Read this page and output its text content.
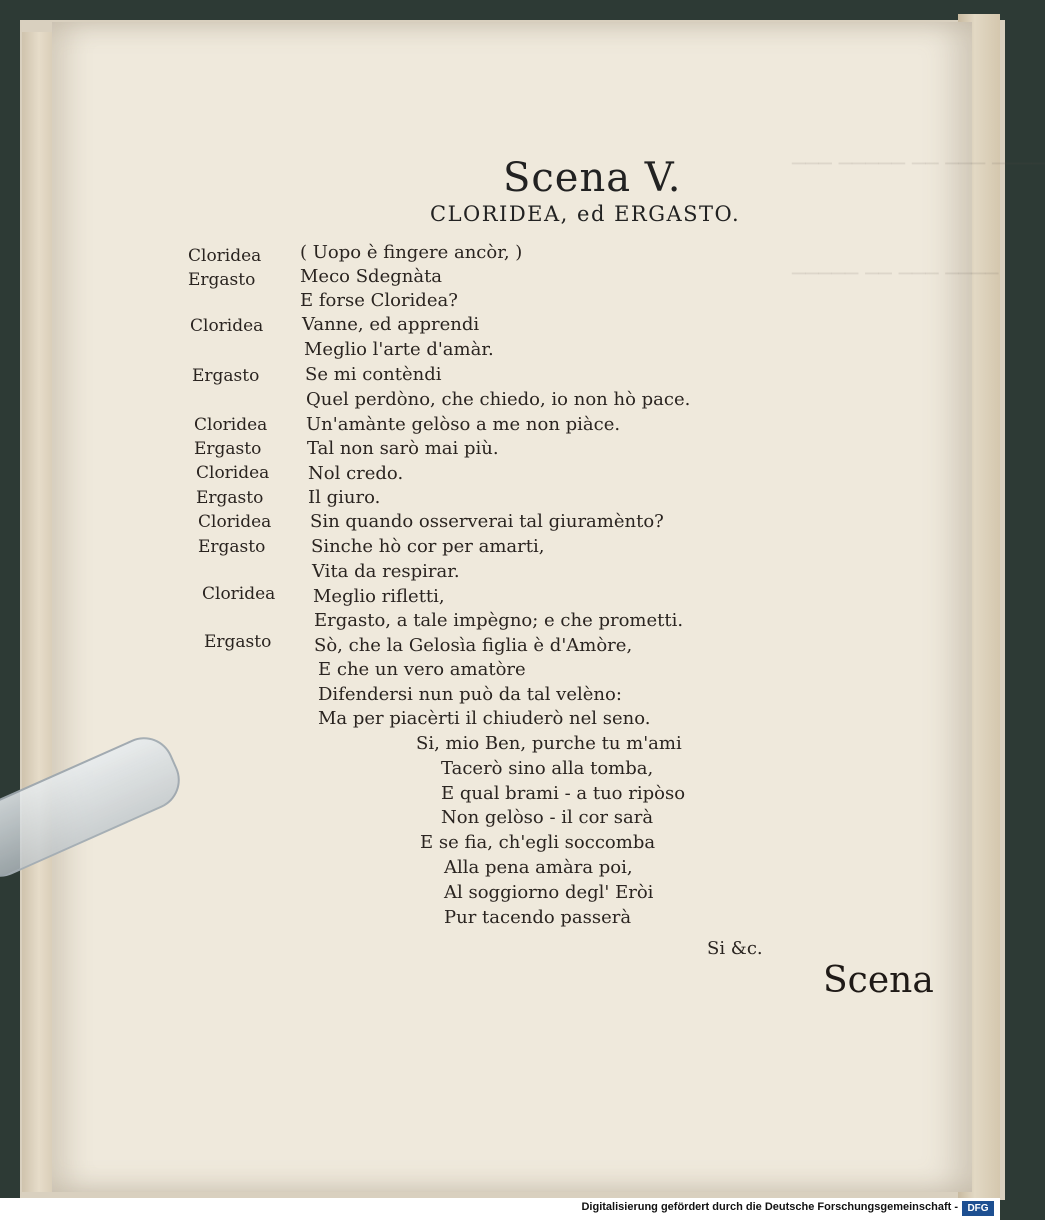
──── ─── ── ───── ───
──── ─── ── ─────
Scena V.
CLORIDEA, ed ERGASTO.
Cloridea
Ergasto
Cloridea
Ergasto
Cloridea
Ergasto
Cloridea
Ergasto
Cloridea
Ergasto
Cloridea
Ergasto
( Uopo è fingere ancòr, )
Meco Sdegnàta
E forse Cloridea?
Vanne, ed apprendi
Meglio l'arte d'amàr.
Se mi contèndi
Quel perdòno, che chiedo, io non hò pace.
Un'amànte gelòso a me non piàce.
Tal non sarò mai più.
Nol credo.
Il giuro.
Sin quando osserverai tal giuramènto?
Sinche hò cor per amarti,
Vita da respirar.
Meglio rifletti,
Ergasto, a tale impègno; e che prometti.
Sò, che la Gelosìa figlia è d'Amòre,
E che un vero amatòre
Difendersi nun può da tal velèno:
Ma per piacèrti il chiuderò nel seno.
Si, mio Ben, purche tu m'ami
Tacerò sino alla tomba,
E qual brami - a tuo ripòso
Non gelòso - il cor sarà
E se fia, ch'egli soccomba
Alla pena amàra poi,
Al soggiorno degl' Eròi
Pur tacendo passerà
Si &c.
Scena
Digitalisierung gefördert durch die Deutsche Forschungsgemeinschaft - DFG
